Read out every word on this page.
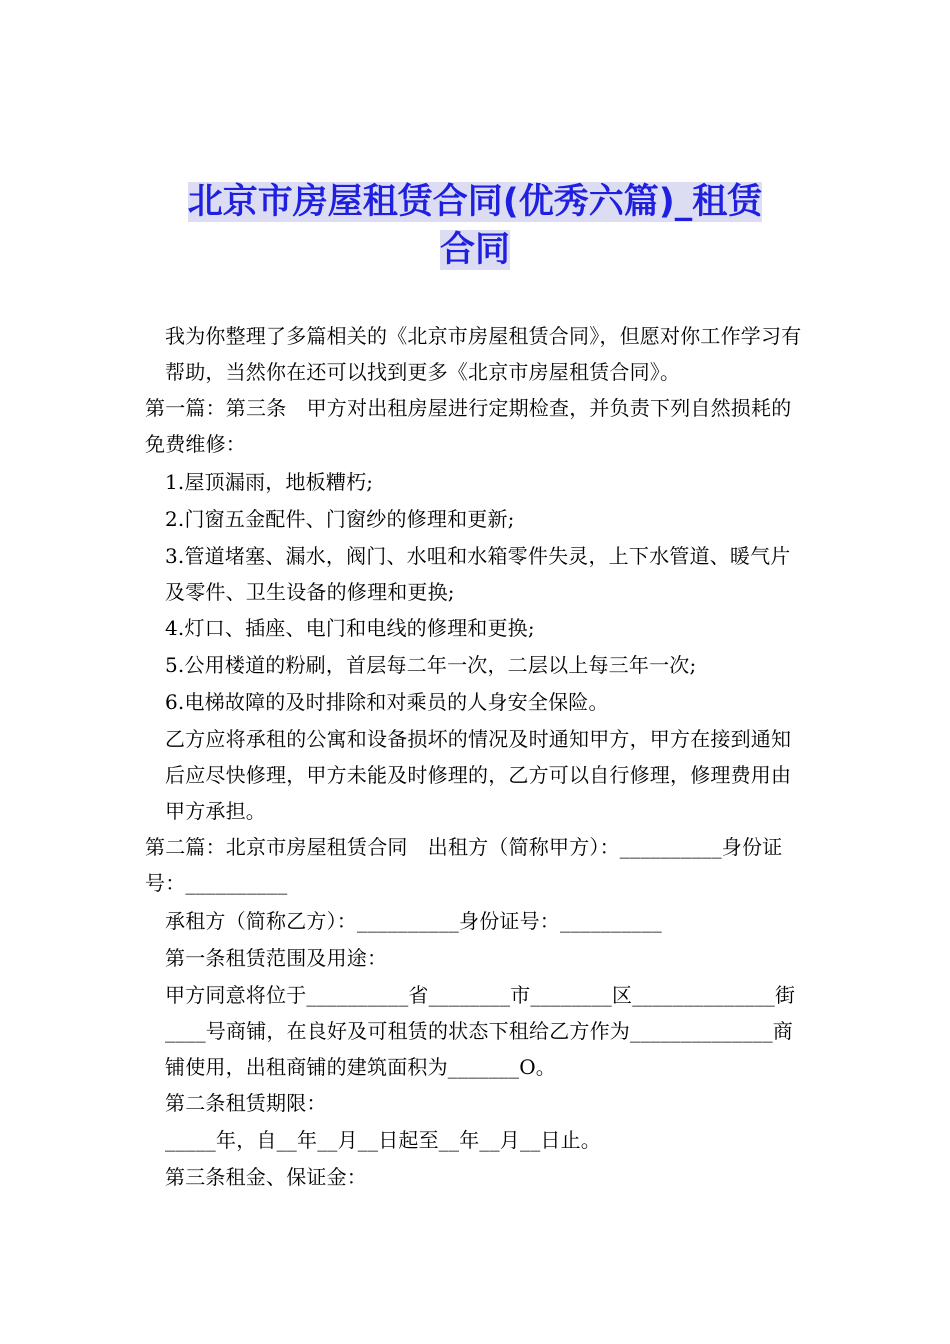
北京市房屋租赁合同(优秀六篇)_租赁
合同

我为你整理了多篇相关的《北京市房屋租赁合同》，但愿对你工作学习有帮助，当然你在还可以找到更多《北京市房屋租赁合同》。

第一篇：第三条　甲方对出租房屋进行定期检查，并负责下列自然损耗的免费维修：

1.屋顶漏雨，地板糟朽;

2.门窗五金配件、门窗纱的修理和更新;

3.管道堵塞、漏水，阀门、水咀和水箱零件失灵，上下水管道、暖气片及零件、卫生设备的修理和更换;

4.灯口、插座、电门和电线的修理和更换;

5.公用楼道的粉刷，首层每二年一次，二层以上每三年一次;

6.电梯故障的及时排除和对乘员的人身安全保险。

乙方应将承租的公寓和设备损坏的情况及时通知甲方，甲方在接到通知后应尽快修理，甲方未能及时修理的，乙方可以自行修理，修理费用由甲方承担。

第二篇：北京市房屋租赁合同　出租方（简称甲方）：__________身份证号：__________

承租方（简称乙方）：__________身份证号：__________

第一条租赁范围及用途：

甲方同意将位于__________省________市________区______________街____号商铺，在良好及可租赁的状态下租给乙方作为______________商铺使用，出租商铺的建筑面积为_______O。

第二条租赁期限：

_____年，自__年__月__日起至__年__月__日止。

第三条租金、保证金：
